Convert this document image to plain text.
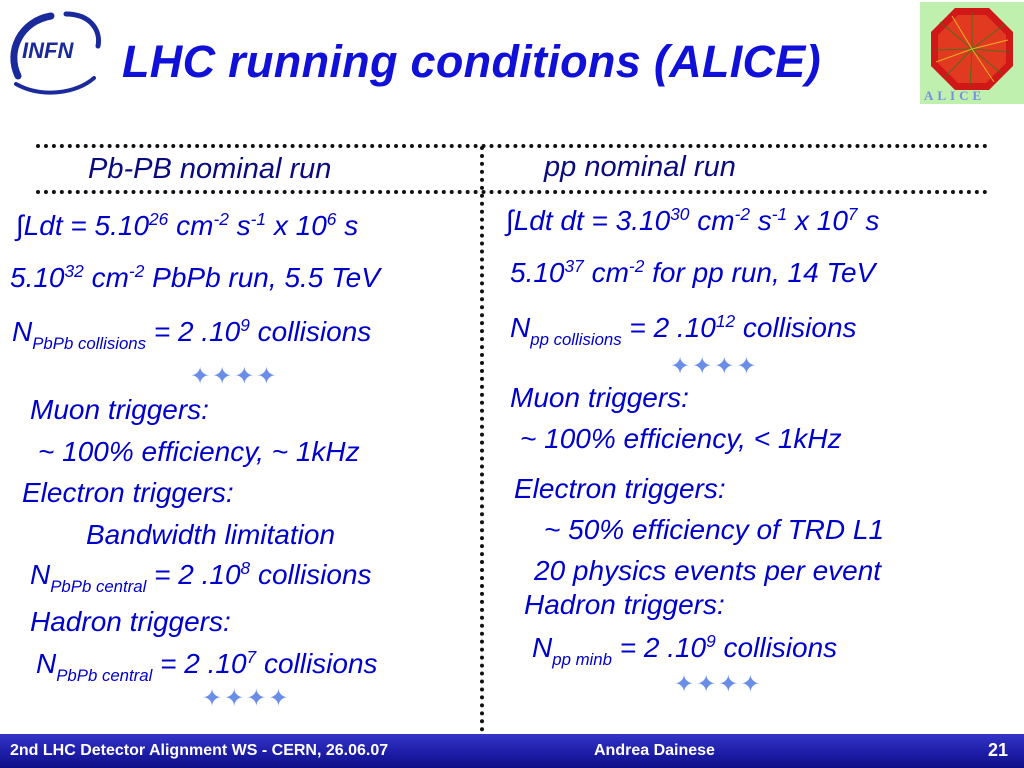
INFN LHC running conditions (ALICE)
ALICE
Pb-PB nominal run	pp nominal run
$\int Ldt = 5.10^{26}$ $cm^{-2}$ $s^{-1}$ x $10^6$ s
5.10$^{32}$ $cm^{-2}$ PbPb run, 5.5 TeV
$N_{PbPb collisions} = 2$ $.10^9$ collisions
✦✦✦✦
Muon triggers:
~ 100% efficiency, ~ 1kHz
Electron triggers:
Bandwidth limitation
$N_{PbPb central} = 2$ $.10^8$ collisions
Hadron triggers:
$N_{PbPb central} = 2$ $.10^7$ collisions
✦✦✦✦
∫Ldt dt = $3.10^{30}$ $cm^{-2}$ $s^{-1}$ x $10^7$ s
5.10$^{37}$ $cm^{-2}$ for pp run, 14 TeV
$N_{pp collisions} = 2$ $.10^{12}$ collisions
✦✦✦✦
Muon triggers:
~ 100% efficiency, < 1kHz
Electron triggers:
~ 50% efficiency of TRD L1
20 physics events per event
Hadron triggers:
$N_{pp minb} = 2$ $.10^9$ collisions
✦✦✦✦
2nd LHC Detector Alignment WS - CERN, 26.06.07	Andrea Dainese	21
